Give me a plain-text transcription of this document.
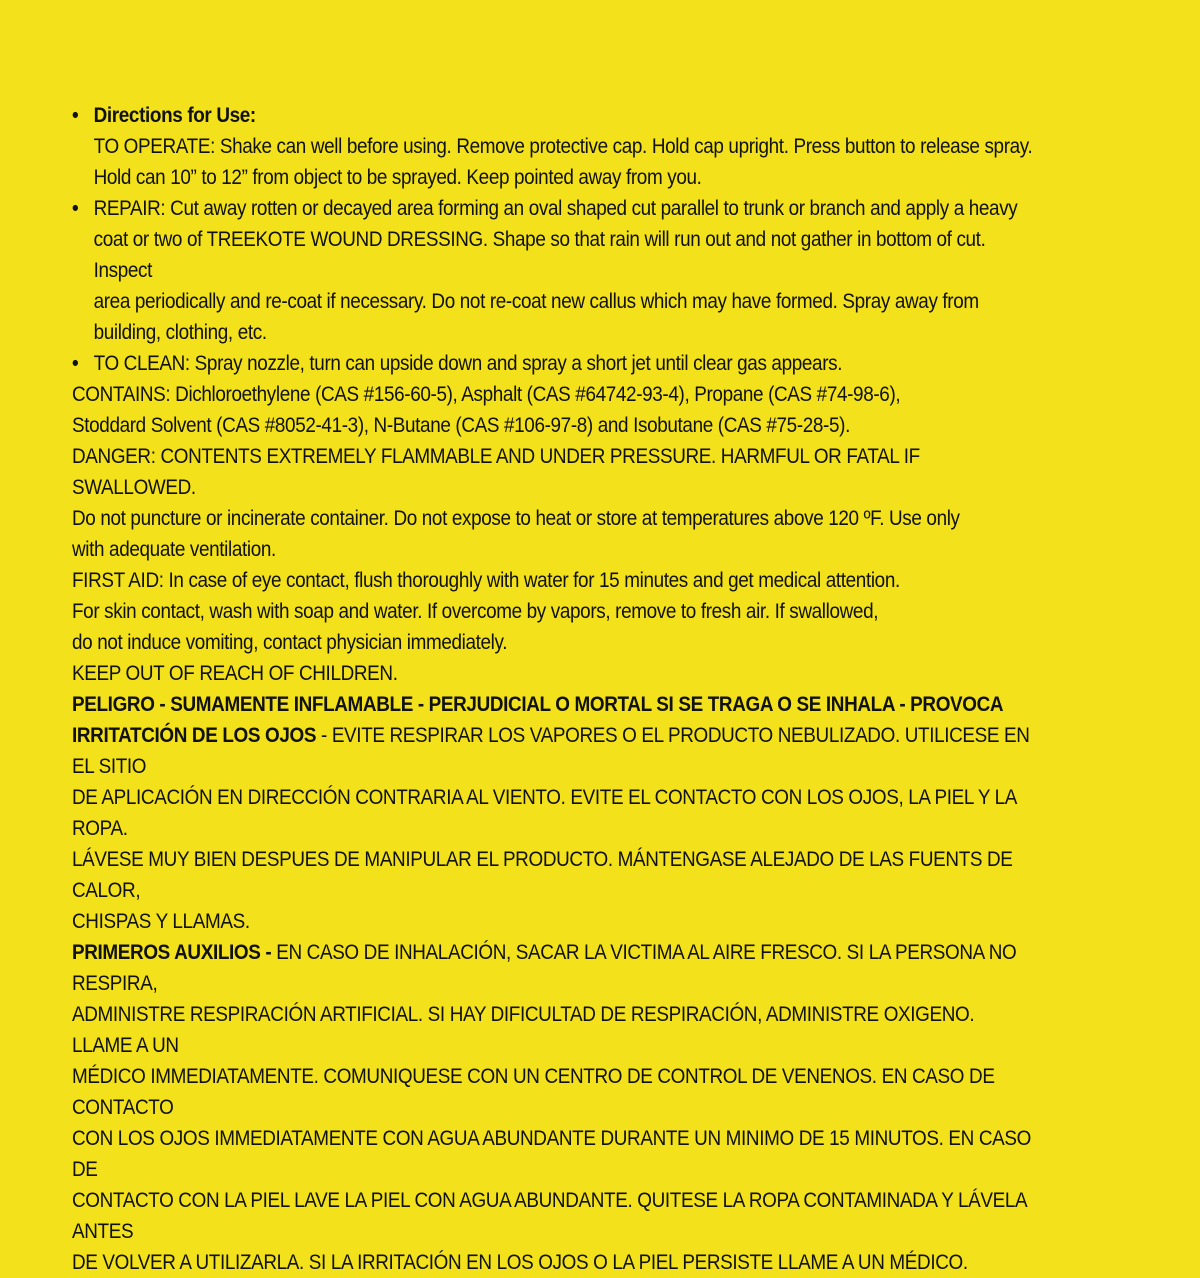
• Directions for Use:

TO OPERATE: Shake can well before using. Remove protective cap. Hold cap upright. Press button to release spray.
Hold can 10” to 12” from object to be sprayed. Keep pointed away from you.

• REPAIR: Cut away rotten or decayed area forming an oval shaped cut parallel to trunk or branch and apply a heavy
coat or two of TREEKOTE WOUND DRESSING. Shape so that rain will run out and not gather in bottom of cut. Inspect
area periodically and re-coat if necessary. Do not re-coat new callus which may have formed. Spray away from
building, clothing, etc.

• TO CLEAN: Spray nozzle, turn can upside down and spray a short jet until clear gas appears.

CONTAINS: Dichloroethylene (CAS #156-60-5), Asphalt (CAS #64742-93-4), Propane (CAS #74-98-6),
Stoddard Solvent (CAS #8052-41-3), N-Butane (CAS #106-97-8) and Isobutane (CAS #75-28-5).

DANGER: CONTENTS EXTREMELY FLAMMABLE AND UNDER PRESSURE. HARMFUL OR FATAL IF SWALLOWED.
Do not puncture or incinerate container. Do not expose to heat or store at temperatures above 120 ºF. Use only
with adequate ventilation.

FIRST AID: In case of eye contact, flush thoroughly with water for 15 minutes and get medical attention.
For skin contact, wash with soap and water. If overcome by vapors, remove to fresh air. If swallowed,
do not induce vomiting, contact physician immediately.

KEEP OUT OF REACH OF CHILDREN.

PELIGRO - SUMAMENTE INFLAMABLE - PERJUDICIAL O MORTAL SI SE TRAGA O SE INHALA - PROVOCA
IRRITATCIÓN DE LOS OJOS - EVITE RESPIRAR LOS VAPORES O EL PRODUCTO NEBULIZADO. UTILICESE EN EL SITIO
DE APLICACIÓN EN DIRECCIÓN CONTRARIA AL VIENTO. EVITE EL CONTACTO CON LOS OJOS, LA PIEL Y LA ROPA.
LÁVESE MUY BIEN DESPUES DE MANIPULAR EL PRODUCTO. MÁNTENGASE ALEJADO DE LAS FUENTS DE CALOR,
CHISPAS Y LLAMAS.

PRIMEROS AUXILIOS - EN CASO DE INHALACIÓN, SACAR LA VICTIMA AL AIRE FRESCO. SI LA PERSONA NO RESPIRA,
ADMINISTRE RESPIRACIÓN ARTIFICIAL. SI HAY DIFICULTAD DE RESPIRACIÓN, ADMINISTRE OXIGENO. LLAME A UN
MÉDICO IMMEDIATAMENTE. COMUNIQUESE CON UN CENTRO DE CONTROL DE VENENOS. EN CASO DE CONTACTO
CON LOS OJOS IMMEDIATAMENTE CON AGUA ABUNDANTE DURANTE UN MINIMO DE 15 MINUTOS. EN CASO DE
CONTACTO CON LA PIEL LAVE LA PIEL CON AGUA ABUNDANTE. QUITESE LA ROPA CONTAMINADA Y LÁVELA ANTES
DE VOLVER A UTILIZARLA. SI LA IRRITACIÓN EN LOS OJOS O LA PIEL PERSISTE LLAME A UN MÉDICO.
